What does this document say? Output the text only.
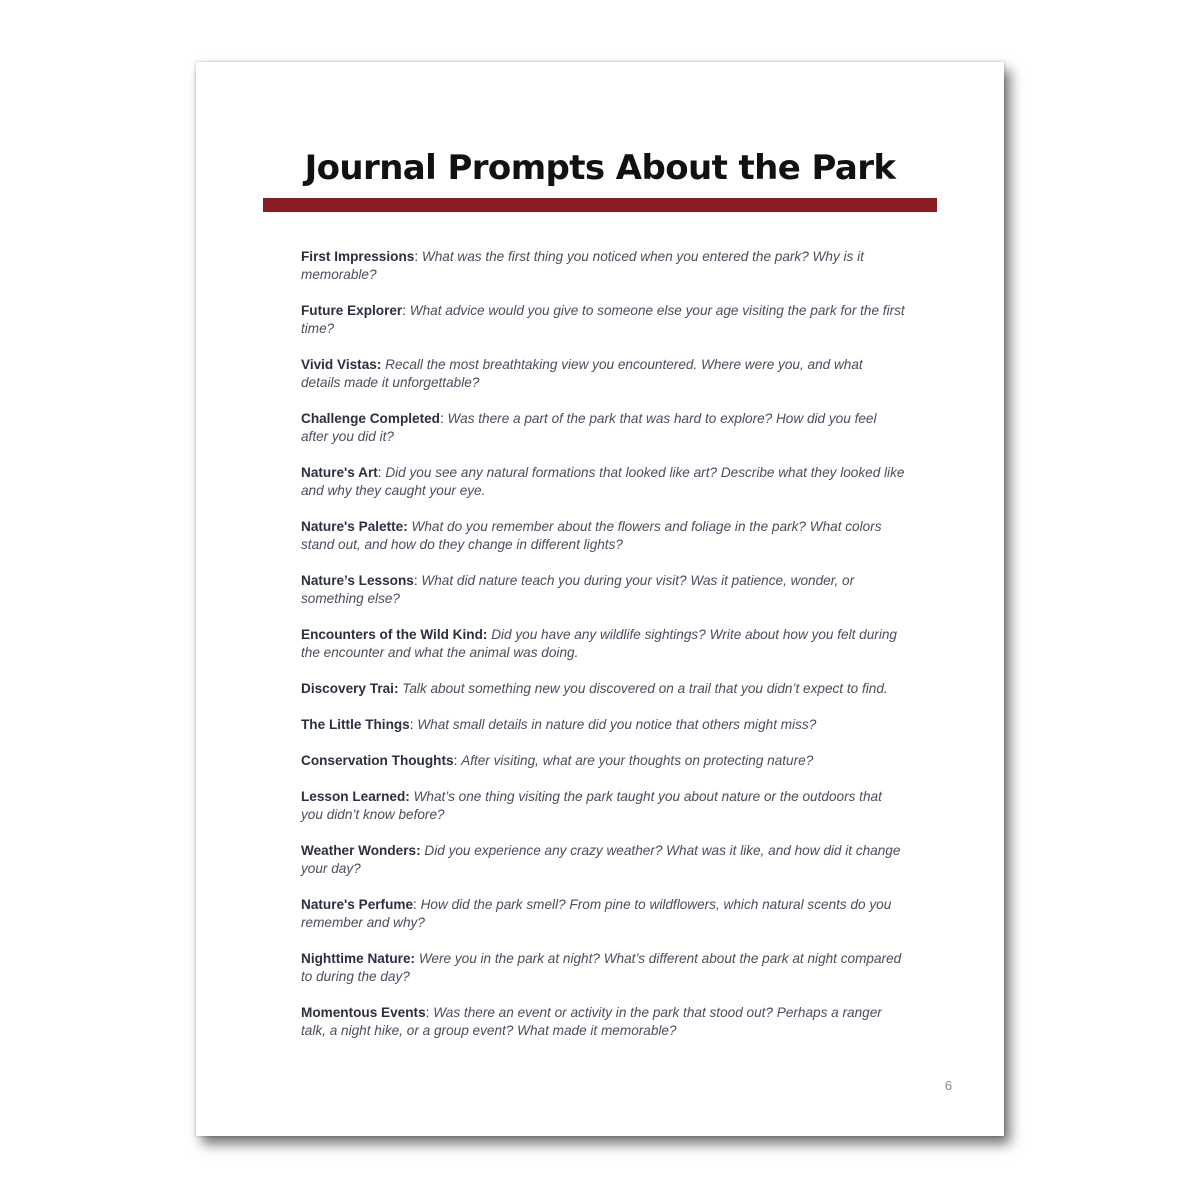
Journal Prompts About the Park
First Impressions: What was the first thing you noticed when you entered the park? Why is it memorable?
Future Explorer: What advice would you give to someone else your age visiting the park for the first time?
Vivid Vistas: Recall the most breathtaking view you encountered. Where were you, and what details made it unforgettable?
Challenge Completed: Was there a part of the park that was hard to explore? How did you feel after you did it?
Nature's Art: Did you see any natural formations that looked like art? Describe what they looked like and why they caught your eye.
Nature's Palette: What do you remember about the flowers and foliage in the park? What colors stand out, and how do they change in different lights?
Nature’s Lessons: What did nature teach you during your visit? Was it patience, wonder, or something else?
Encounters of the Wild Kind: Did you have any wildlife sightings? Write about how you felt during the encounter and what the animal was doing.
Discovery Trai: Talk about something new you discovered on a trail that you didn’t expect to find.
The Little Things: What small details in nature did you notice that others might miss?
Conservation Thoughts: After visiting, what are your thoughts on protecting nature?
Lesson Learned: What’s one thing visiting the park taught you about nature or the outdoors that you didn’t know before?
Weather Wonders: Did you experience any crazy weather? What was it like, and how did it change your day?
Nature's Perfume: How did the park smell? From pine to wildflowers, which natural scents do you remember and why?
Nighttime Nature: Were you in the park at night? What’s different about the park at night compared to during the day?
Momentous Events: Was there an event or activity in the park that stood out? Perhaps a ranger talk, a night hike, or a group event? What made it memorable?
6
